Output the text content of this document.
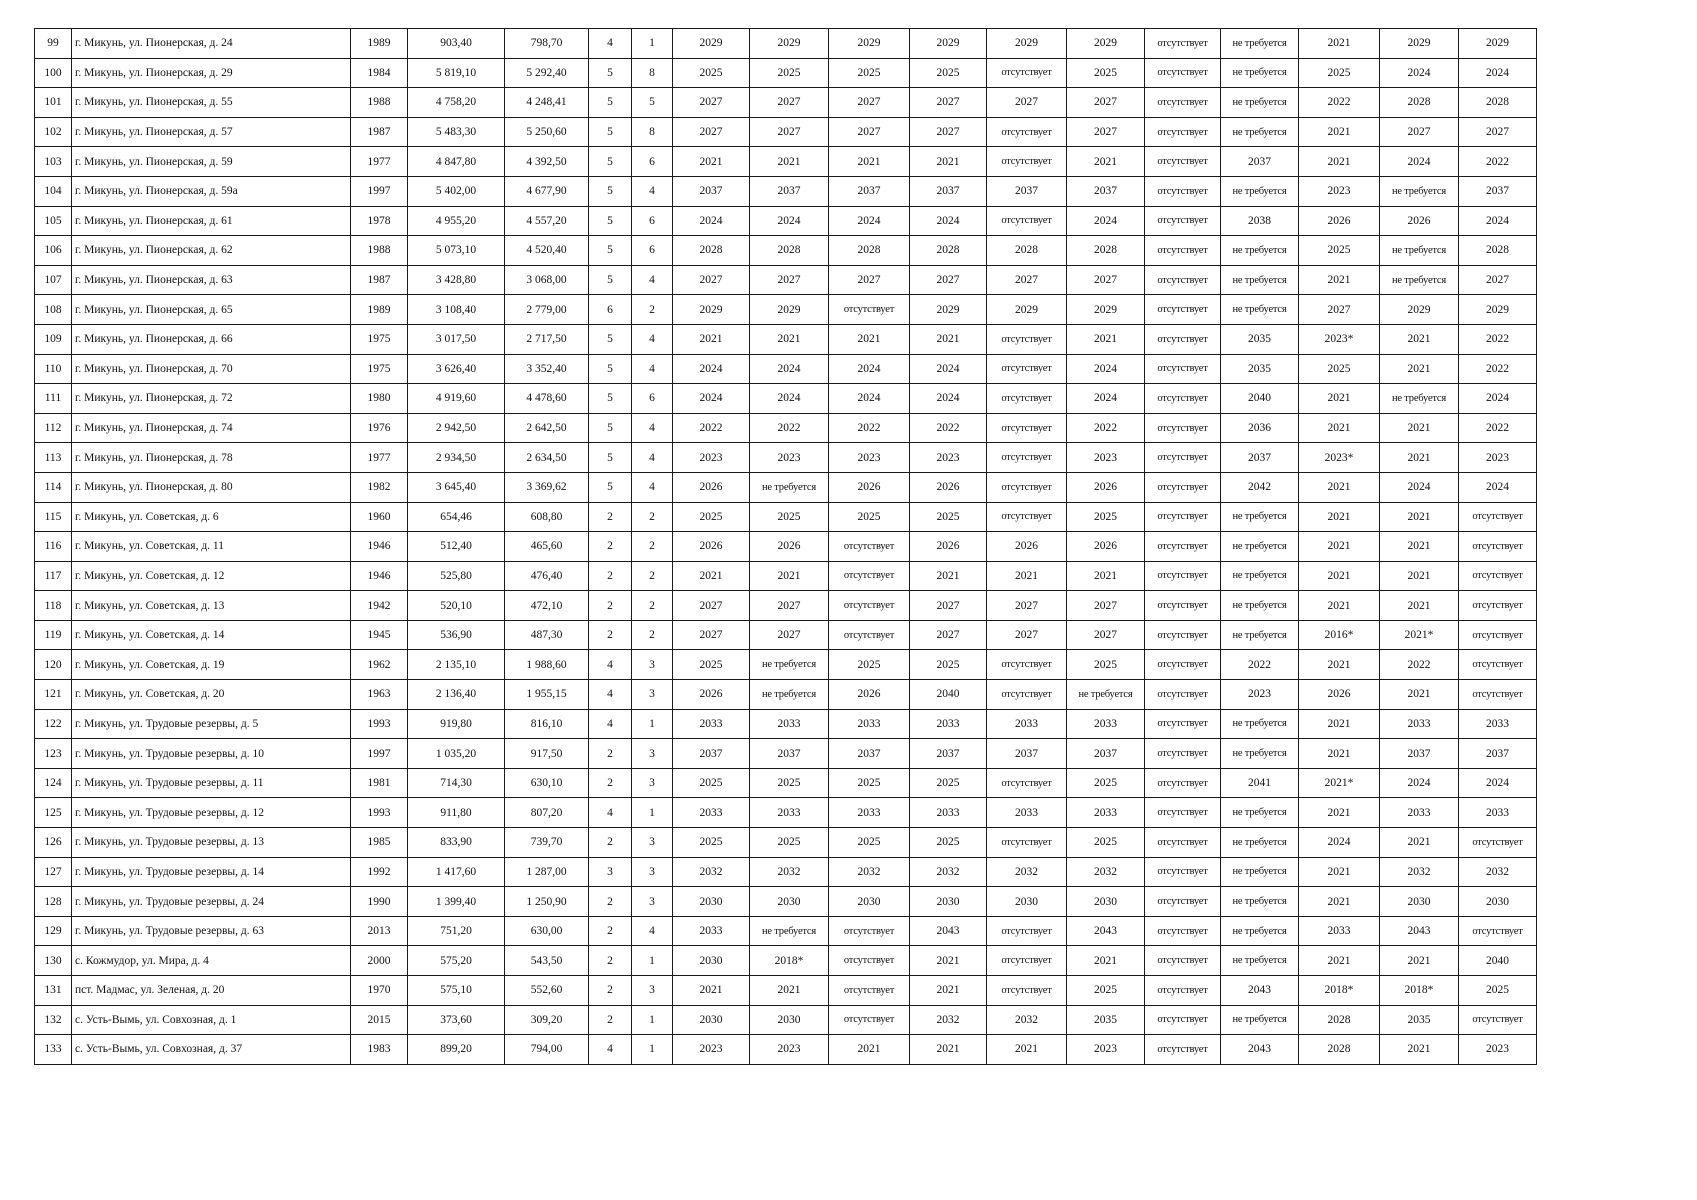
99	г. Микунь, ул. Пионерская, д. 24	1989	903,40	798,70	4	1	2029	2029	2029	2029	2029	2029	отсутствует	не требуется	2021	2029	2029
100	г. Микунь, ул. Пионерская, д. 29	1984	5 819,10	5 292,40	5	8	2025	2025	2025	2025	отсутствует	2025	отсутствует	не требуется	2025	2024	2024
101	г. Микунь, ул. Пионерская, д. 55	1988	4 758,20	4 248,41	5	5	2027	2027	2027	2027	2027	2027	отсутствует	не требуется	2022	2028	2028
102	г. Микунь, ул. Пионерская, д. 57	1987	5 483,30	5 250,60	5	8	2027	2027	2027	2027	отсутствует	2027	отсутствует	не требуется	2021	2027	2027
103	г. Микунь, ул. Пионерская, д. 59	1977	4 847,80	4 392,50	5	6	2021	2021	2021	2021	отсутствует	2021	отсутствует	2037	2021	2024	2022
104	г. Микунь, ул. Пионерская, д. 59а	1997	5 402,00	4 677,90	5	4	2037	2037	2037	2037	2037	2037	отсутствует	не требуется	2023	не требуется	2037
105	г. Микунь, ул. Пионерская, д. 61	1978	4 955,20	4 557,20	5	6	2024	2024	2024	2024	отсутствует	2024	отсутствует	2038	2026	2026	2024
106	г. Микунь, ул. Пионерская, д. 62	1988	5 073,10	4 520,40	5	6	2028	2028	2028	2028	2028	2028	отсутствует	не требуется	2025	не требуется	2028
107	г. Микунь, ул. Пионерская, д. 63	1987	3 428,80	3 068,00	5	4	2027	2027	2027	2027	2027	2027	отсутствует	не требуется	2021	не требуется	2027
108	г. Микунь, ул. Пионерская, д. 65	1989	3 108,40	2 779,00	6	2	2029	2029	отсутствует	2029	2029	2029	отсутствует	не требуется	2027	2029	2029
109	г. Микунь, ул. Пионерская, д. 66	1975	3 017,50	2 717,50	5	4	2021	2021	2021	2021	отсутствует	2021	отсутствует	2035	2023*	2021	2022
110	г. Микунь, ул. Пионерская, д. 70	1975	3 626,40	3 352,40	5	4	2024	2024	2024	2024	отсутствует	2024	отсутствует	2035	2025	2021	2022
111	г. Микунь, ул. Пионерская, д. 72	1980	4 919,60	4 478,60	5	6	2024	2024	2024	2024	отсутствует	2024	отсутствует	2040	2021	не требуется	2024
112	г. Микунь, ул. Пионерская, д. 74	1976	2 942,50	2 642,50	5	4	2022	2022	2022	2022	отсутствует	2022	отсутствует	2036	2021	2021	2022
113	г. Микунь, ул. Пионерская, д. 78	1977	2 934,50	2 634,50	5	4	2023	2023	2023	2023	отсутствует	2023	отсутствует	2037	2023*	2021	2023
114	г. Микунь, ул. Пионерская, д. 80	1982	3 645,40	3 369,62	5	4	2026	не требуется	2026	2026	отсутствует	2026	отсутствует	2042	2021	2024	2024
115	г. Микунь, ул. Советская, д. 6	1960	654,46	608,80	2	2	2025	2025	2025	2025	отсутствует	2025	отсутствует	не требуется	2021	2021	отсутствует
116	г. Микунь, ул. Советская, д. 11	1946	512,40	465,60	2	2	2026	2026	отсутствует	2026	2026	2026	отсутствует	не требуется	2021	2021	отсутствует
117	г. Микунь, ул. Советская, д. 12	1946	525,80	476,40	2	2	2021	2021	отсутствует	2021	2021	2021	отсутствует	не требуется	2021	2021	отсутствует
118	г. Микунь, ул. Советская, д. 13	1942	520,10	472,10	2	2	2027	2027	отсутствует	2027	2027	2027	отсутствует	не требуется	2021	2021	отсутствует
119	г. Микунь, ул. Советская, д. 14	1945	536,90	487,30	2	2	2027	2027	отсутствует	2027	2027	2027	отсутствует	не требуется	2016*	2021*	отсутствует
120	г. Микунь, ул. Советская, д. 19	1962	2 135,10	1 988,60	4	3	2025	не требуется	2025	2025	отсутствует	2025	отсутствует	2022	2021	2022	отсутствует
121	г. Микунь, ул. Советская, д. 20	1963	2 136,40	1 955,15	4	3	2026	не требуется	2026	2040	отсутствует	не требуется	отсутствует	2023	2026	2021	отсутствует
122	г. Микунь, ул. Трудовые резервы, д. 5	1993	919,80	816,10	4	1	2033	2033	2033	2033	2033	2033	отсутствует	не требуется	2021	2033	2033
123	г. Микунь, ул. Трудовые резервы, д. 10	1997	1 035,20	917,50	2	3	2037	2037	2037	2037	2037	2037	отсутствует	не требуется	2021	2037	2037
124	г. Микунь, ул. Трудовые резервы, д. 11	1981	714,30	630,10	2	3	2025	2025	2025	2025	отсутствует	2025	отсутствует	2041	2021*	2024	2024
125	г. Микунь, ул. Трудовые резервы, д. 12	1993	911,80	807,20	4	1	2033	2033	2033	2033	2033	2033	отсутствует	не требуется	2021	2033	2033
126	г. Микунь, ул. Трудовые резервы, д. 13	1985	833,90	739,70	2	3	2025	2025	2025	2025	отсутствует	2025	отсутствует	не требуется	2024	2021	отсутствует
127	г. Микунь, ул. Трудовые резервы, д. 14	1992	1 417,60	1 287,00	3	3	2032	2032	2032	2032	2032	2032	отсутствует	не требуется	2021	2032	2032
128	г. Микунь, ул. Трудовые резервы, д. 24	1990	1 399,40	1 250,90	2	3	2030	2030	2030	2030	2030	2030	отсутствует	не требуется	2021	2030	2030
129	г. Микунь, ул. Трудовые резервы, д. 63	2013	751,20	630,00	2	4	2033	не требуется	отсутствует	2043	отсутствует	2043	отсутствует	не требуется	2033	2043	отсутствует
130	с. Кожмудор, ул. Мира, д. 4	2000	575,20	543,50	2	1	2030	2018*	отсутствует	2021	отсутствует	2021	отсутствует	не требуется	2021	2021	2040
131	пст. Мадмас, ул. Зеленая, д. 20	1970	575,10	552,60	2	3	2021	2021	отсутствует	2021	отсутствует	2025	отсутствует	2043	2018*	2018*	2025
132	с. Усть-Вымь, ул. Совхозная, д. 1	2015	373,60	309,20	2	1	2030	2030	отсутствует	2032	2032	2035	отсутствует	не требуется	2028	2035	отсутствует
133	с. Усть-Вымь, ул. Совхозная, д. 37	1983	899,20	794,00	4	1	2023	2023	2021	2021	2021	2023	отсутствует	2043	2028	2021	2023
